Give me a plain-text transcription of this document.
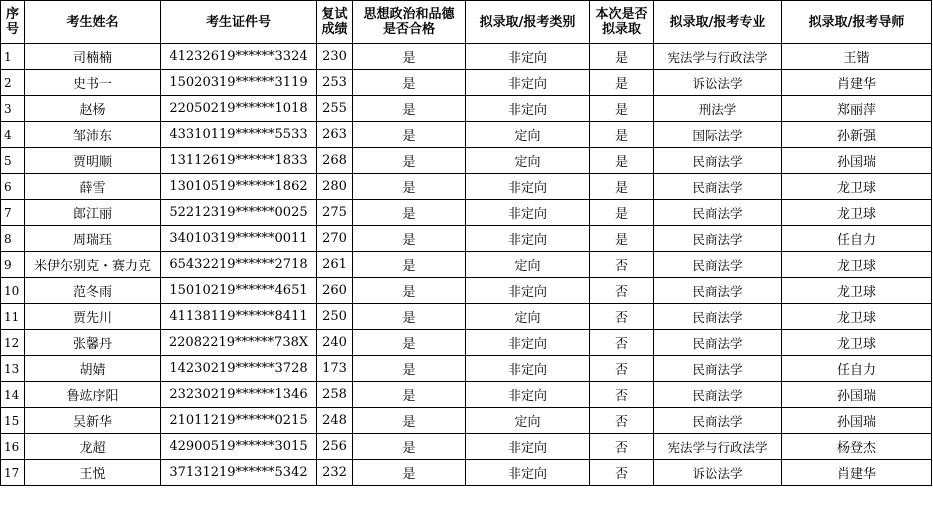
序号	考生姓名	考生证件号	复试成绩	思想政治和品德是否合格	拟录取/报考类别	本次是否拟录取	拟录取/报考专业	拟录取/报考导师
1	司楠楠	41232619******3324	230	是	非定向	是	宪法学与行政法学	王锴
2	史书一	15020319******3119	253	是	非定向	是	诉讼法学	肖建华
3	赵杨	22050219******1018	255	是	非定向	是	刑法学	郑丽萍
4	邹沛东	43310119******5533	263	是	定向	是	国际法学	孙新强
5	贾明顺	13112619******1833	268	是	定向	是	民商法学	孙国瑞
6	薛雪	13010519******1862	280	是	非定向	是	民商法学	龙卫球
7	郎江丽	52212319******0025	275	是	非定向	是	民商法学	龙卫球
8	周瑞珏	34010319******0011	270	是	非定向	是	民商法学	任自力
9	米伊尔别克・赛力克	65432219******2718	261	是	定向	否	民商法学	龙卫球
10	范冬雨	15010219******4651	260	是	非定向	否	民商法学	龙卫球
11	贾先川	41138119******8411	250	是	定向	否	民商法学	龙卫球
12	张馨丹	22082219******738X	240	是	非定向	否	民商法学	龙卫球
13	胡婧	14230219******3728	173	是	非定向	否	民商法学	任自力
14	鲁竑序阳	23230219******1346	258	是	非定向	否	民商法学	孙国瑞
15	吴新华	21011219******0215	248	是	定向	否	民商法学	孙国瑞
16	龙超	42900519******3015	256	是	非定向	否	宪法学与行政法学	杨登杰
17	王悦	37131219******5342	232	是	非定向	否	诉讼法学	肖建华
